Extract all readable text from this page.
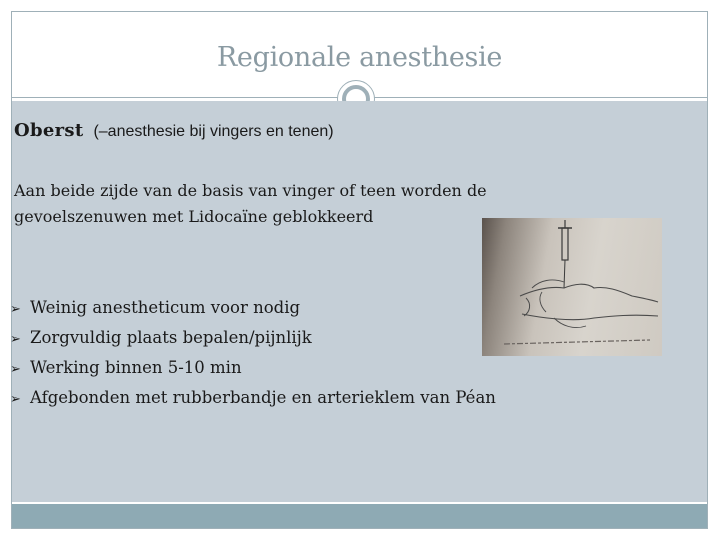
Regionale anesthesie
Oberst (–anesthesie bij vingers en tenen)
Aan beide zijde van de basis van vinger of teen worden de
gevoelszenuwen met Lidocaïne geblokkeerd
➢ Weinig anestheticum voor nodig
➢ Zorgvuldig plaats bepalen/pijnlijk
➢ Werking binnen 5-10 min
➢ Afgebonden met rubberbandje en arterieklem van Péan
